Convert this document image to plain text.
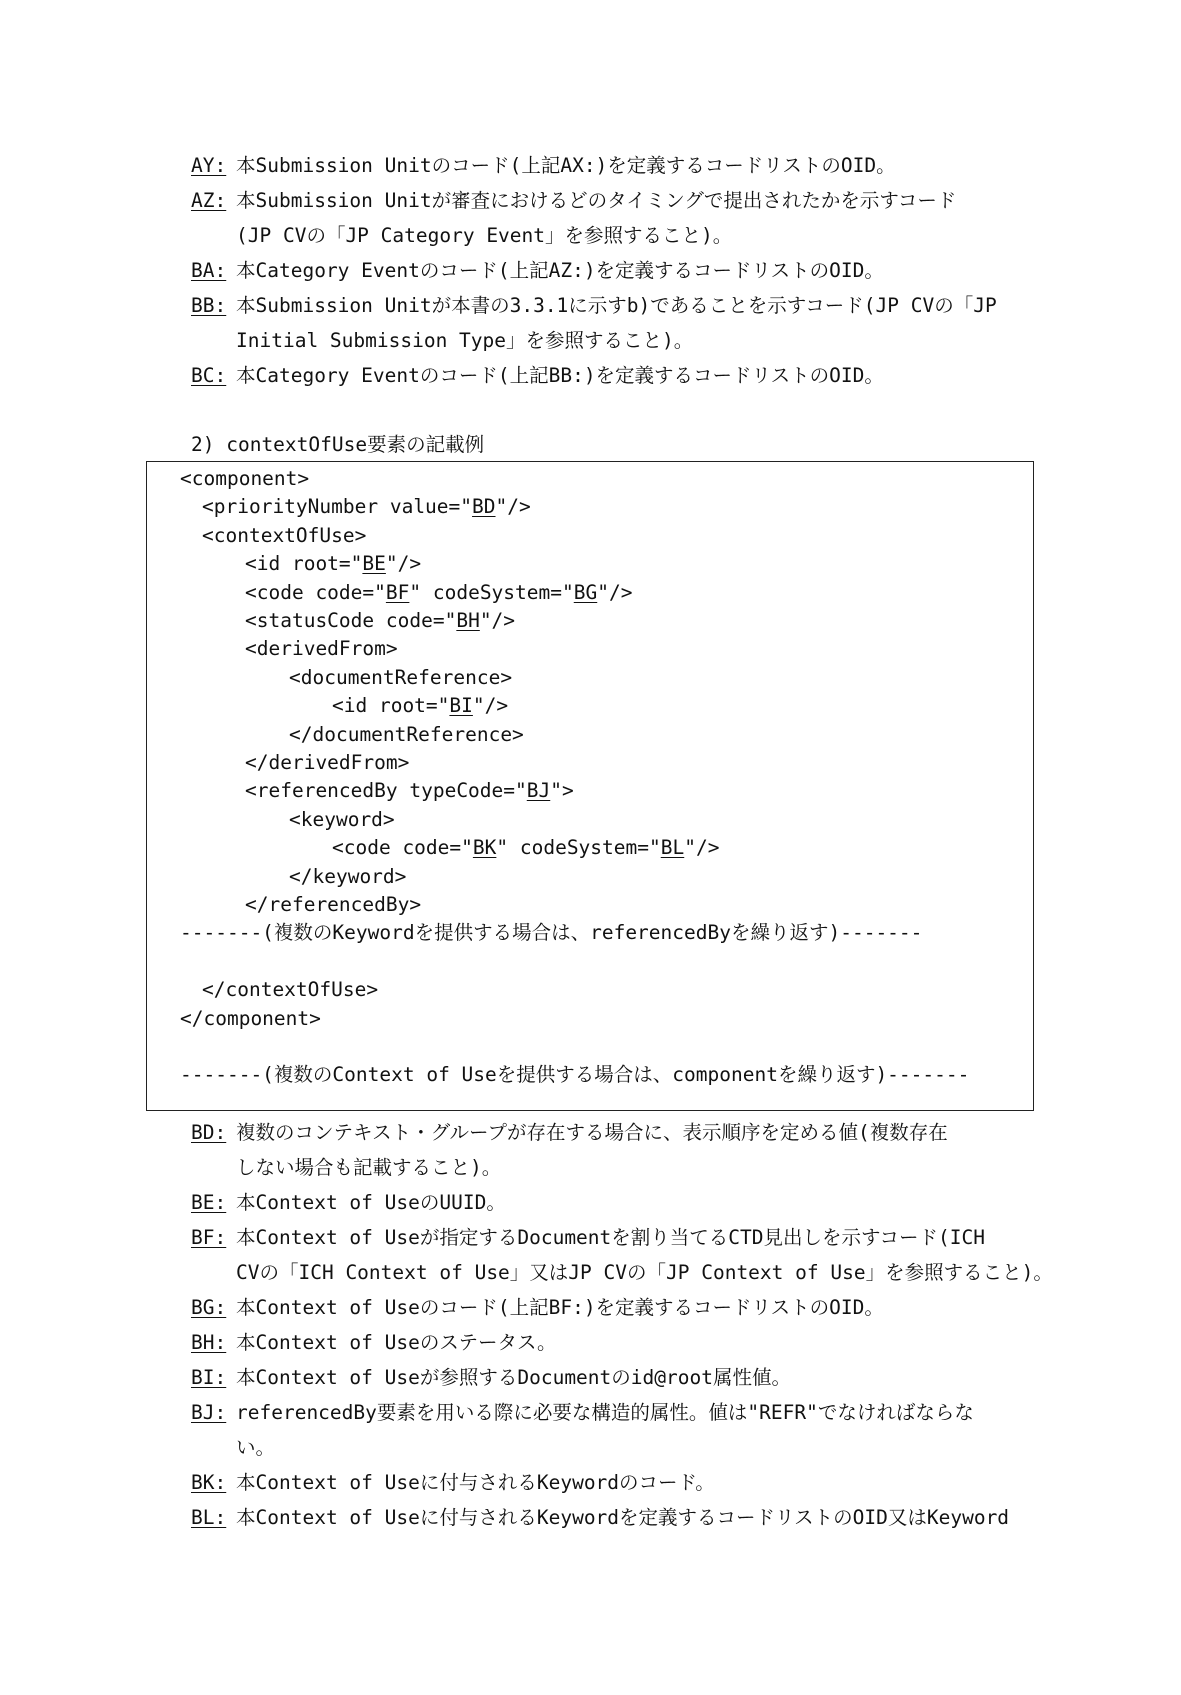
AY: 本Submission Unitのコード(上記AX:)を定義するコードリストのOID。
AZ: 本Submission Unitが審査におけるどのタイミングで提出されたかを示すコード
(JP CVの「JP Category Event」を参照すること)。
BA: 本Category Eventのコード(上記AZ:)を定義するコードリストのOID。
BB: 本Submission Unitが本書の3.3.1に示すb)であることを示すコード(JP CVの「JP
Initial Submission Type」を参照すること)。
BC: 本Category Eventのコード(上記BB:)を定義するコードリストのOID。
2) contextOfUse要素の記載例
<component>
<priorityNumber value="BD"/>
<contextOfUse>
<id root="BE"/>
<code code="BF" codeSystem="BG"/>
<statusCode code="BH"/>
<derivedFrom>
<documentReference>
<id root="BI"/>
</documentReference>
</derivedFrom>
<referencedBy typeCode="BJ">
<keyword>
<code code="BK" codeSystem="BL"/>
</keyword>
</referencedBy>
-------(複数のKeywordを提供する場合は、referencedByを繰り返す)-------
</contextOfUse>
</component>
-------(複数のContext of Useを提供する場合は、componentを繰り返す)-------
BD: 複数のコンテキスト・グループが存在する場合に、表示順序を定める値(複数存在
しない場合も記載すること)。
BE: 本Context of UseのUUID。
BF: 本Context of Useが指定するDocumentを割り当てるCTD見出しを示すコード(ICH
CVの「ICH Context of Use」又はJP CVの「JP Context of Use」を参照すること)。
BG: 本Context of Useのコード(上記BF:)を定義するコードリストのOID。
BH: 本Context of Useのステータス。
BI: 本Context of Useが参照するDocumentのid@root属性値。
BJ: referencedBy要素を用いる際に必要な構造的属性。値は"REFR"でなければならな
い。
BK: 本Context of Useに付与されるKeywordのコード。
BL: 本Context of Useに付与されるKeywordを定義するコードリストのOID又はKeyword
